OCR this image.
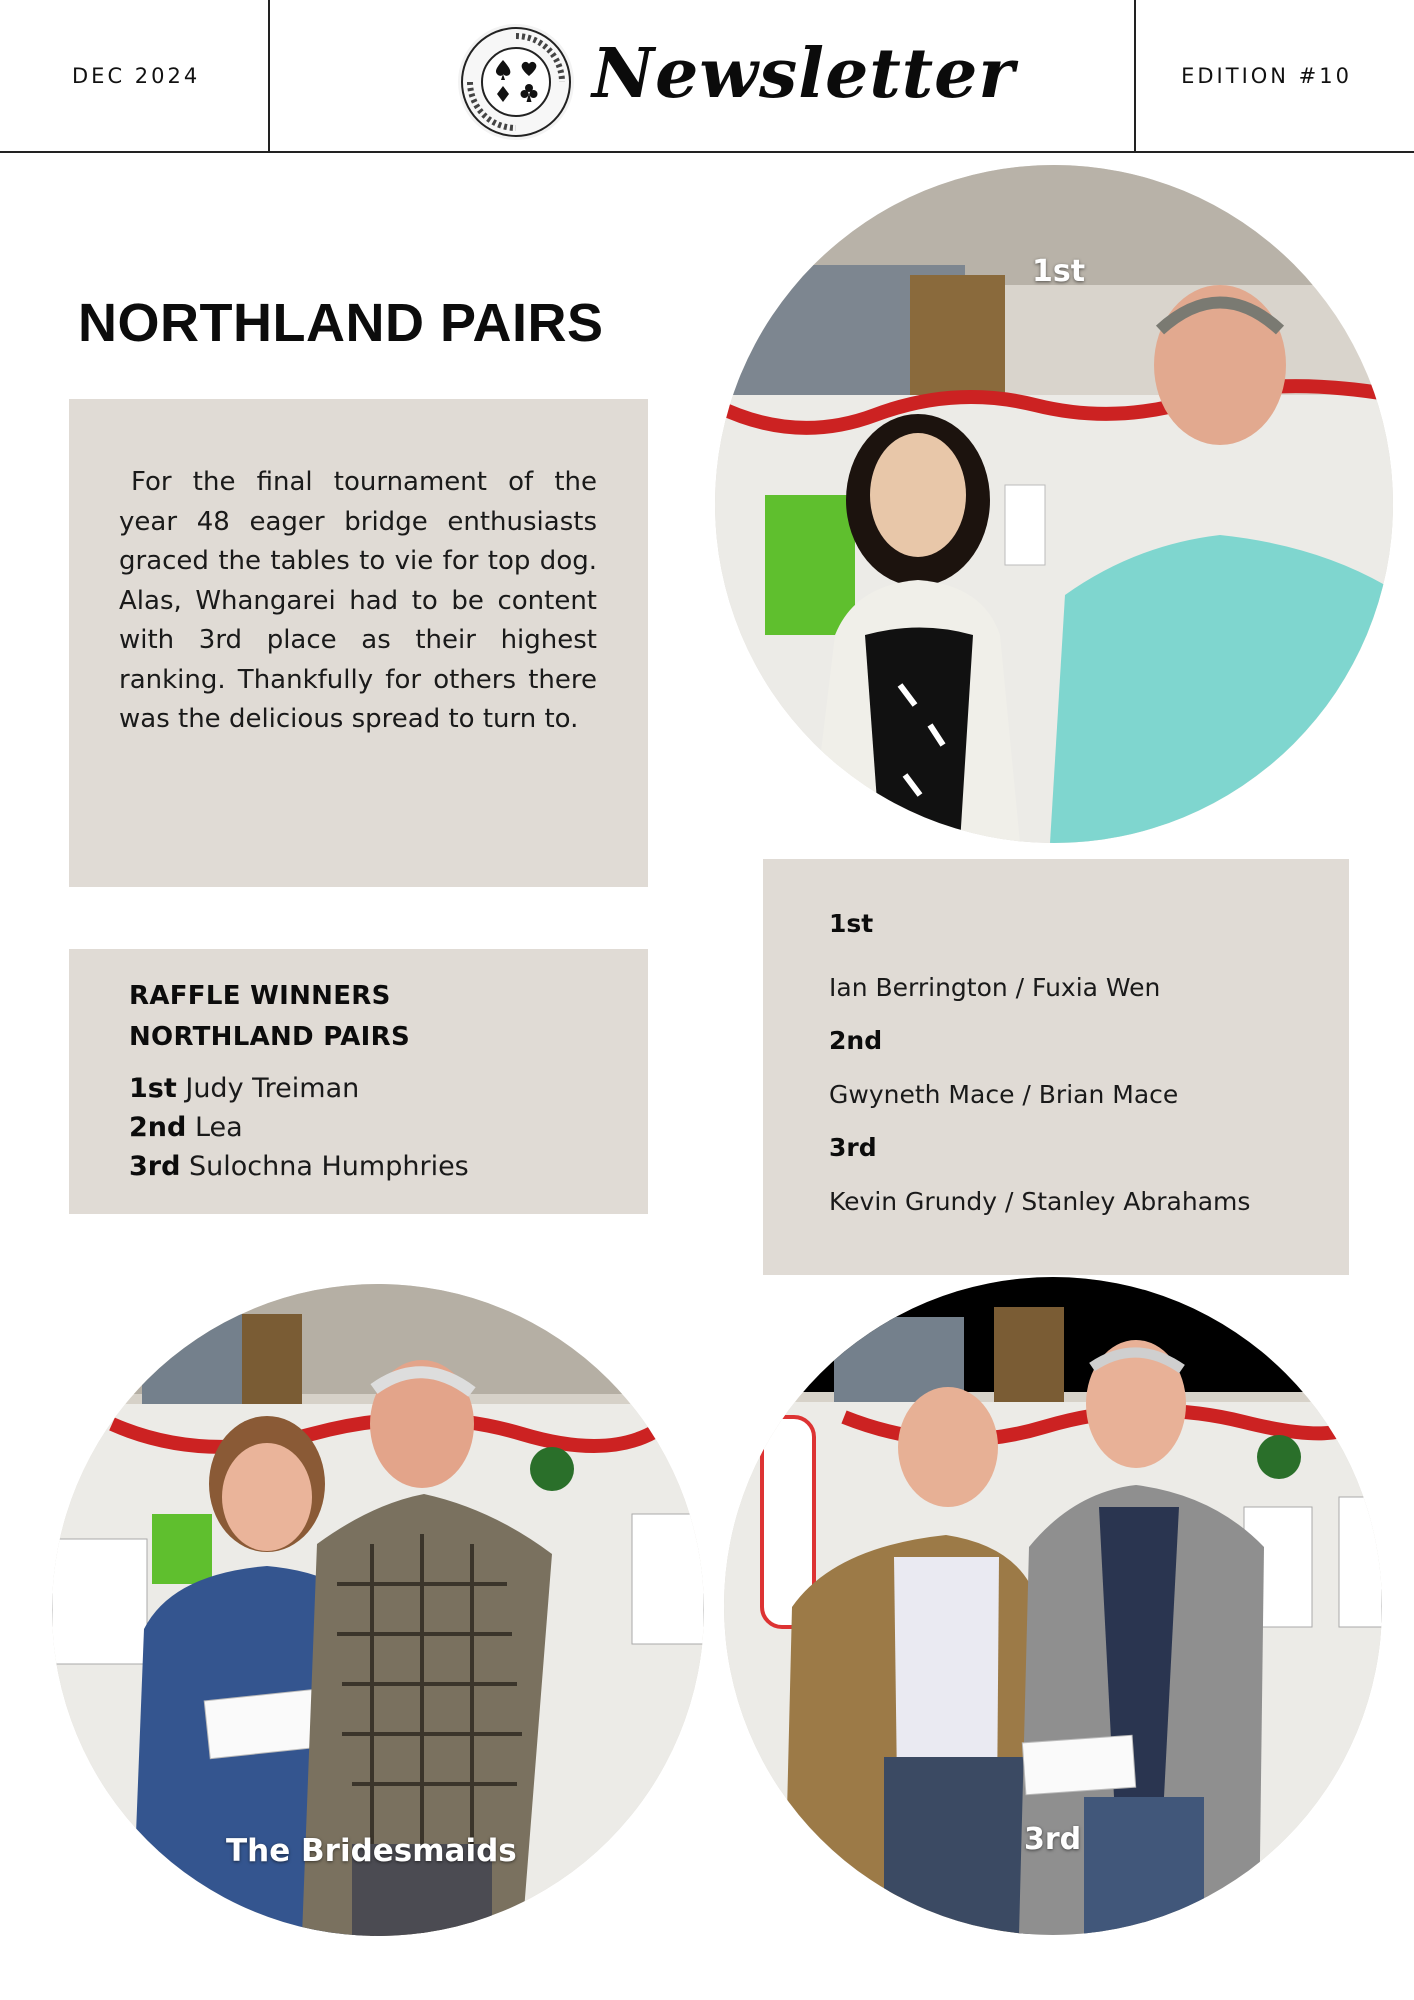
DEC 2024	Newsletter	EDITION #10
NORTHLAND PAIRS
For the final tournament of the year 48 eager bridge enthusiasts graced the tables to vie for top dog. Alas, Whangarei had to be content with 3rd place as their highest ranking. Thankfully for others there was the delicious spread to turn to.
RAFFLE WINNERS
NORTHLAND PAIRS
1st Judy Treiman
2nd Lea
3rd Sulochna Humphries
1st
Ian Berrington / Fuxia Wen
2nd
Gwyneth Mace / Brian Mace
3rd
Kevin Grundy / Stanley Abrahams
1st
The Bridesmaids	3rd
